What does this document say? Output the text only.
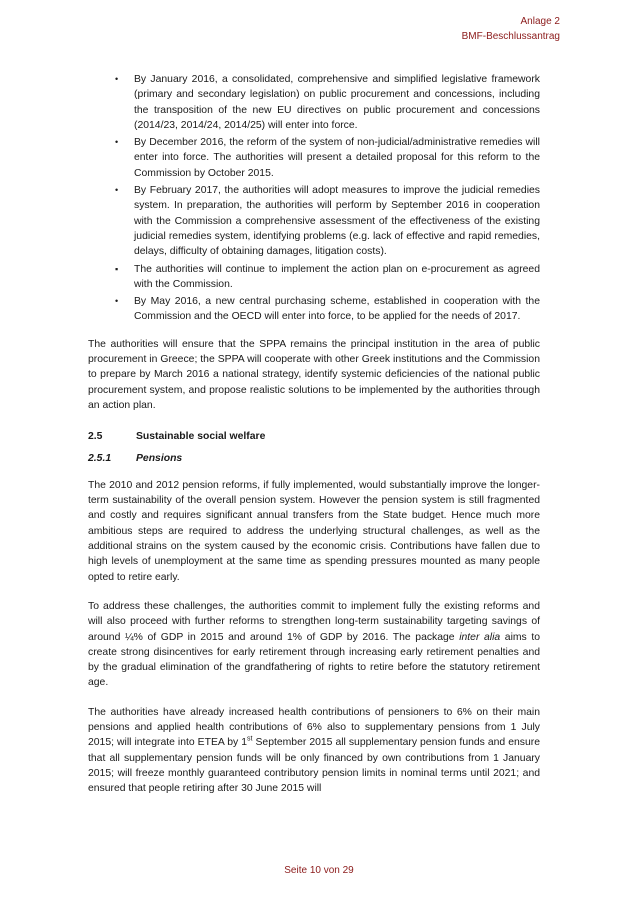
Anlage 2
BMF-Beschlussantrag
• By January 2016, a consolidated, comprehensive and simplified legislative framework (primary and secondary legislation) on public procurement and concessions, including the transposition of the new EU directives on public procurement and concessions (2014/23, 2014/24, 2014/25) will enter into force.
• By December 2016, the reform of the system of non-judicial/administrative remedies will enter into force. The authorities will present a detailed proposal for this reform to the Commission by October 2015.
• By February 2017, the authorities will adopt measures to improve the judicial remedies system. In preparation, the authorities will perform by September 2016 in cooperation with the Commission a comprehensive assessment of the effectiveness of the existing judicial remedies system, identifying problems (e.g. lack of effective and rapid remedies, delays, difficulty of obtaining damages, litigation costs).
▪ The authorities will continue to implement the action plan on e-procurement as agreed with the Commission.
• By May 2016, a new central purchasing scheme, established in cooperation with the Commission and the OECD will enter into force, to be applied for the needs of 2017.

The authorities will ensure that the SPPA remains the principal institution in the area of public procurement in Greece; the SPPA will cooperate with other Greek institutions and the Commission to prepare by March 2016 a national strategy, identify systemic deficiencies of the national public procurement system, and propose realistic solutions to be implemented by the authorities through an action plan.

2.5	Sustainable social welfare
2.5.1	Pensions

The 2010 and 2012 pension reforms, if fully implemented, would substantially improve the longer-term sustainability of the overall pension system. However the pension system is still fragmented and costly and requires significant annual transfers from the State budget. Hence much more ambitious steps are required to address the underlying structural challenges, as well as the additional strains on the system caused by the economic crisis. Contributions have fallen due to high levels of unemployment at the same time as spending pressures mounted as many people opted to retire early.

To address these challenges, the authorities commit to implement fully the existing reforms and will also proceed with further reforms to strengthen long-term sustainability targeting savings of around ¼% of GDP in 2015 and around 1% of GDP by 2016. The package inter alia aims to create strong disincentives for early retirement through increasing early retirement penalties and by the gradual elimination of the grandfathering of rights to retire before the statutory retirement age.

The authorities have already increased health contributions of pensioners to 6% on their main pensions and applied health contributions of 6% also to supplementary pensions from 1 July 2015; will integrate into ETEA by 1st September 2015 all supplementary pension funds and ensure that all supplementary pension funds will be only financed by own contributions from 1 January 2015; will freeze monthly guaranteed contributory pension limits in nominal terms until 2021; and ensured that people retiring after 30 June 2015 will

Seite 10 von 29
